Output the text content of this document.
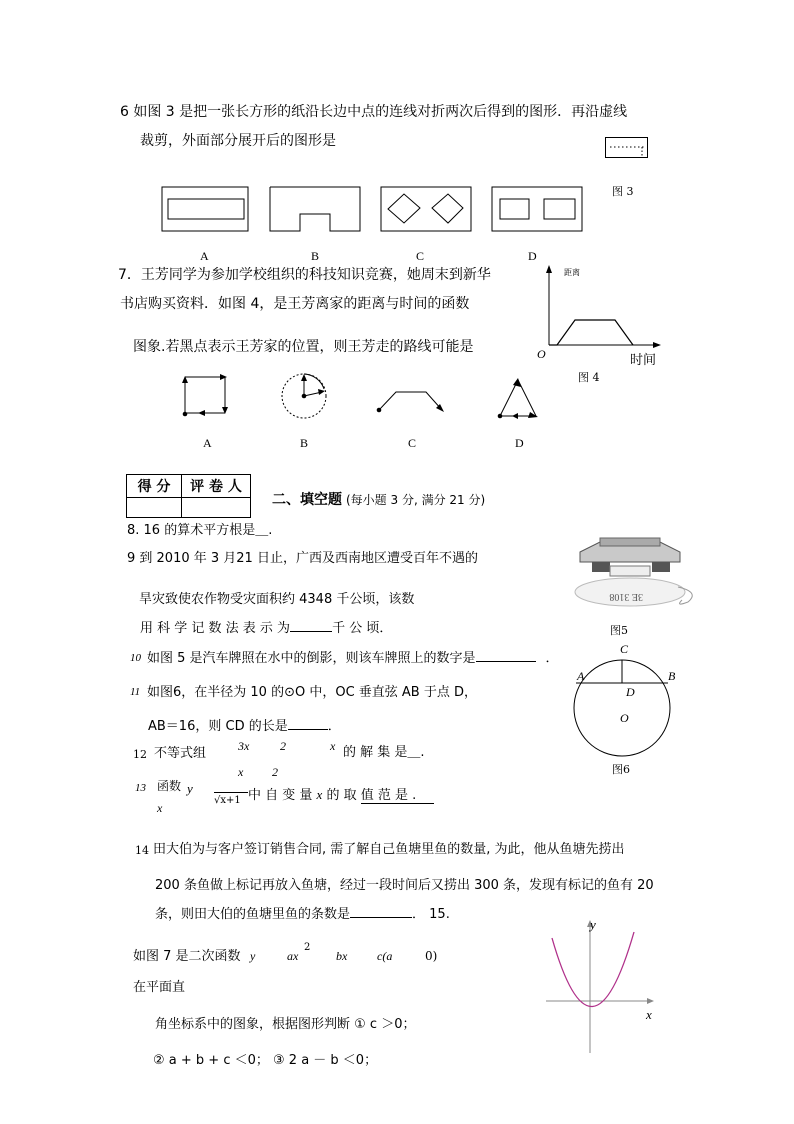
6 如图 3 是把一张长方形的纸沿长边中点的连线对折两次后得到的图形．再沿虚线
裁剪，外面部分展开后的图形是
图 3
A	B	C	D
7．王芳同学为参加学校组织的科技知识竞赛，她周末到新华
书店购买资料．如图 4，是王芳离家的距离与时间的函数
图象.若黑点表示王芳家的位置，则王芳走的路线可能是
距离
O	时间
图 4
A	B	C	D
得 分	评 卷 人

二、填空题 (每小题 3 分, 满分 21 分)
8. 16 的算术平方根是＿.
9 到 2010 年 3 月21 日止，广西及西南地区遭受百年不遇的
旱灾致使农作物受灾面积约 4348 千公顷，该数
用 科 学 记 数 法 表 示 为	千 公 顷．
3E 3108
图5
10 如图 5 是汽车牌照在水中的倒影，则该车牌照上的数字是	．
11 如图6，在半径为 10 的⊙O 中，OC 垂直弦 AB 于点 D，
AB＝16，则 CD 的长是	．
C
A	B
D
O
图6
12 不等式组	3x	2	x 的 解 集 是＿.
x 2
13 函数 y
x
√x+1 中 自 变 量 x 的 取 值 范 是 .
14 田大伯为与客户签订销售合同, 需了解自己鱼塘里鱼的数量, 为此，他从鱼塘先捞出
200 条鱼做上标记再放入鱼塘，经过一段时间后又捞出 300 条，发现有标记的鱼有 20
条，则田大伯的鱼塘里鱼的条数是	． 15.
如图 7 是二次函数 y	ax
2
bx c(a	0)
在平面直
角坐标系中的图象，根据图形判断 ① c ＞0；
② a + b + c ＜0； ③ 2 a － b ＜0；
y
x
